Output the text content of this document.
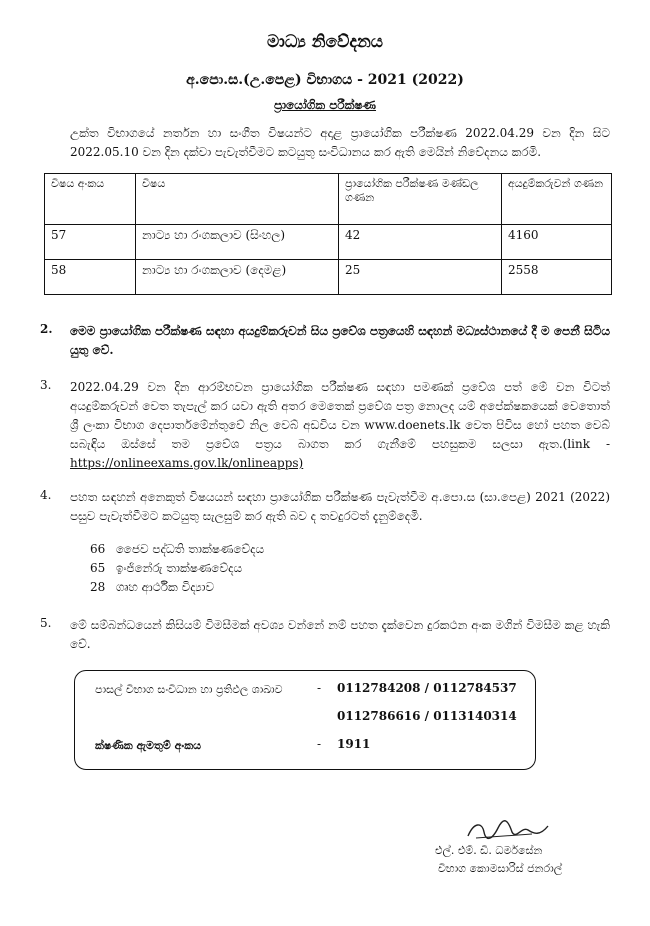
මාධ්‍ය නිවේදනය
අ.පො.ස.(උ.පෙළ) විභාගය - 2021 (2022)
ප්‍රායෝගික පරීක්ෂණ
උක්ත විභාගයේ නර්තන හා සංගීත විෂයන්ට අදාළ ප්‍රායෝගික පරීක්ෂණ 2022.04.29 වන දින සිට 2022.05.10 වන දින දක්වා පැවැත්වීමට කටයුතු සංවිධානය කර ඇති මෙයින් නිවේදනය කරමි.
විෂය අංකය	විෂය	ප්‍රායෝගික පරීක්ෂණ මණ්ඩල ගණන	අයදුම්කරුවන් ගණන
57	නාට්‍ය හා රංගකලාව (සිංහල)	42	4160
58	නාට්‍ය හා රංගකලාව (දෙමළ)	25	2558
2. මෙම ප්‍රායෝගික පරීක්ෂණ සඳහා අයදුම්කරුවන් සිය ප්‍රවේශ පත්‍රයෙහි සඳහන් මධ්‍යස්ථානයේ දී ම පෙනී සිටිය යුතු වේ.
3. 2022.04.29 වන දින ආරම්භවන ප්‍රායෝගික පරීක්ෂණ සඳහා පමණක් ප්‍රවේශ පත් මේ වන විටත් අයදුම්කරුවන් වෙත තැපැල් කර යවා ඇති අතර මෙතෙක් ප්‍රවේශ පත්‍ර නොලද යම් අපේක්ෂකයෙක් වෙතොත් ශ්‍රී ලංකා විභාග දෙපාර්තමේන්තුවේ නිල වෙබ් අඩවිය වන www.doenets.lk වෙත පිවිස හෝ පහත වෙබ් සබැඳිය ඔස්සේ තම ප්‍රවේශ පත්‍රය බාගත කර ගැනීමේ පහසුකම සලසා ඇත.(link - https://onlineexams.gov.lk/onlineapps)
4. පහත සඳහන් අනෙකුත් විෂයයන් සඳහා ප්‍රායෝගික පරීක්ෂණ පැවැත්වීම අ.පො.ස (සා.පෙළ) 2021 (2022) පසුව පැවැත්වීමට කටයුතු සැලසුම් කර ඇති බව ද තවදුරටත් දැනුම්දෙමි.
66 ජෛව පද්ධති තාක්ෂණවේදය
65 ඉංජිනේරු තාක්ෂණවේදය
28 ගෘහ ආර්ථික විද්‍යාව
5. මේ සම්බන්ධයෙන් කිසියම් විමසීමක් අවශ්‍ය වන්නේ නම් පහත දැක්වෙන දුරකථන අංක මගින් විමසීම කළ හැකි වේ.
පාසල් විභාග සංවිධාන හා ප්‍රතිඵල ශාඛාව	- 0112784208 / 0112784537
0112786616 / 0113140314
ක්ෂණික ඇමතුම් අංකය	- 1911
එල්. එම්. ඩී. ධර්මසේන
විභාග කොමසාරිස් ජනරාල්
